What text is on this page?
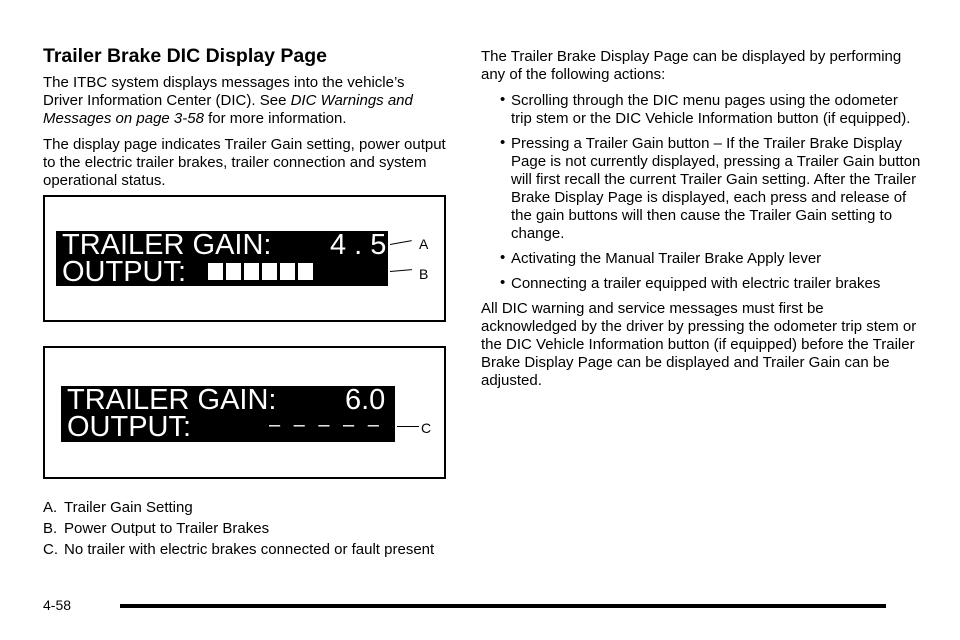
Trailer Brake DIC Display Page

The ITBC system displays messages into the vehicle’s Driver Information Center (DIC). See DIC Warnings and Messages on page 3-58 for more information.

The display page indicates Trailer Gain setting, power output to the electric trailer brakes, trailer connection and system operational status.

TRAILER GAIN: 4 . 5
OUTPUT:
A
B
TRAILER GAIN: 6.0
OUTPUT:	– – – – – –
C
A. Trailer Gain Setting
B. Power Output to Trailer Brakes
C. No trailer with electric brakes connected or fault present

The Trailer Brake Display Page can be displayed by performing any of the following actions:

• Scrolling through the DIC menu pages using the odometer trip stem or the DIC Vehicle Information button (if equipped).
• Pressing a Trailer Gain button – If the Trailer Brake Display Page is not currently displayed, pressing a Trailer Gain button will first recall the current Trailer Gain setting. After the Trailer Brake Display Page is displayed, each press and release of the gain buttons will then cause the Trailer Gain setting to change.
• Activating the Manual Trailer Brake Apply lever
• Connecting a trailer equipped with electric trailer brakes

All DIC warning and service messages must first be acknowledged by the driver by pressing the odometer trip stem or the DIC Vehicle Information button (if equipped) before the Trailer Brake Display Page can be displayed and Trailer Gain can be adjusted.

4-58
